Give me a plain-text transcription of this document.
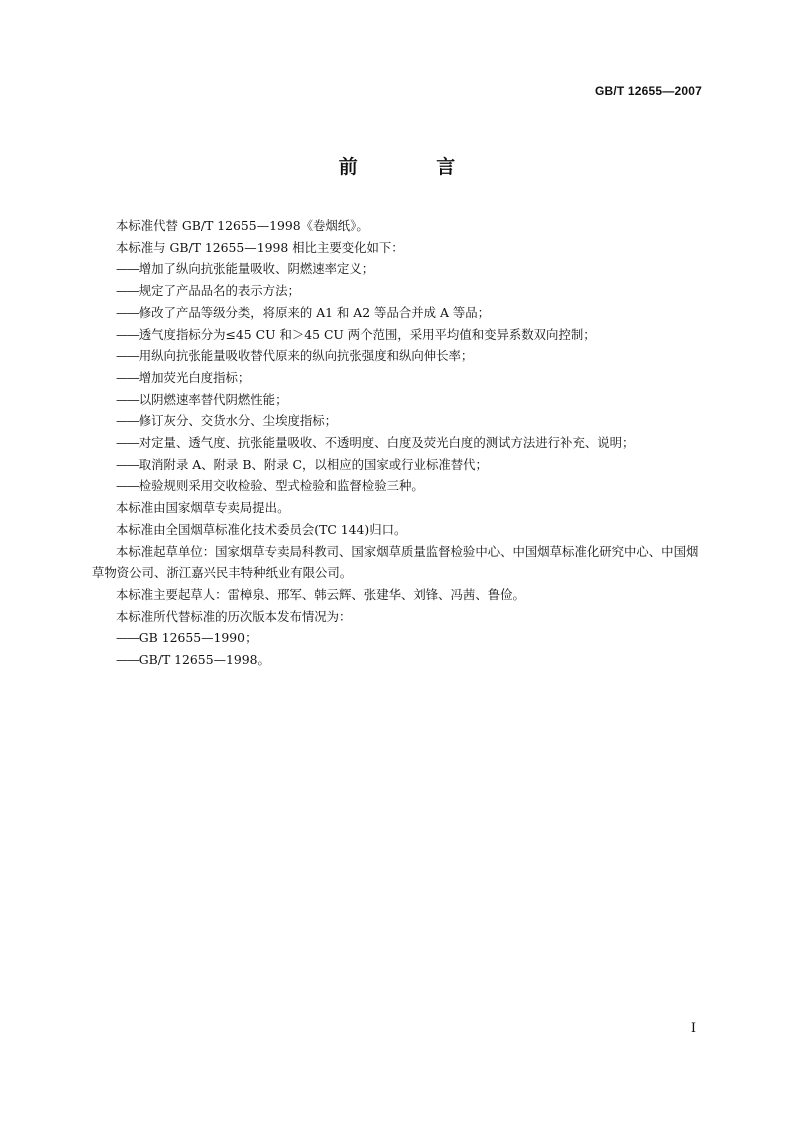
GB/T 12655—2007
前 言

本标准代替 GB/T 12655—1998《卷烟纸》。

本标准与 GB/T 12655—1998 相比主要变化如下：

——增加了纵向抗张能量吸收、阴燃速率定义；

——规定了产品品名的表示方法；

——修改了产品等级分类，将原来的 A1 和 A2 等品合并成 A 等品；

——透气度指标分为≤45 CU 和＞45 CU 两个范围，采用平均值和变异系数双向控制；

——用纵向抗张能量吸收替代原来的纵向抗张强度和纵向伸长率；

——增加荧光白度指标；

——以阴燃速率替代阴燃性能；

——修订灰分、交货水分、尘埃度指标；

——对定量、透气度、抗张能量吸收、不透明度、白度及荧光白度的测试方法进行补充、说明；

——取消附录 A、附录 B、附录 C，以相应的国家或行业标准替代；

——检验规则采用交收检验、型式检验和监督检验三种。

本标准由国家烟草专卖局提出。

本标准由全国烟草标准化技术委员会(TC 144)归口。

本标准起草单位：国家烟草专卖局科教司、国家烟草质量监督检验中心、中国烟草标准化研究中心、中国烟草物资公司、浙江嘉兴民丰特种纸业有限公司。

本标准主要起草人：雷樟泉、邢军、韩云辉、张建华、刘锋、冯茜、鲁俭。

本标准所代替标准的历次版本发布情况为：

——GB 12655—1990；

——GB/T 12655—1998。

I
